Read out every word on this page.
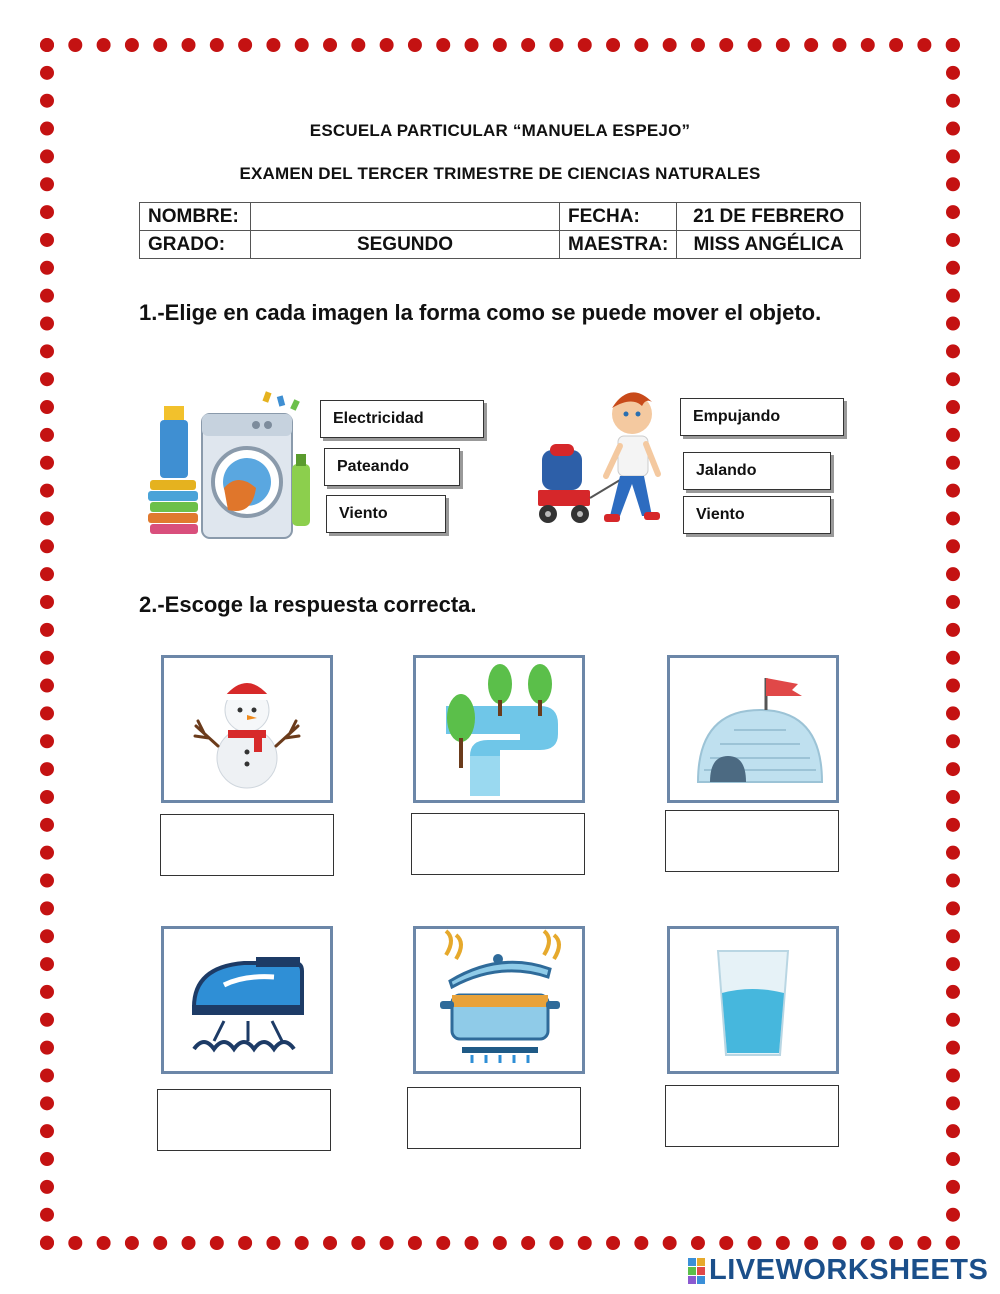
ESCUELA PARTICULAR “MANUELA ESPEJO”
EXAMEN DEL TERCER TRIMESTRE DE CIENCIAS NATURALES
NOMBRE:		FECHA:	21 DE FEBRERO
GRADO:	SEGUNDO	MAESTRA:	MISS ANGÉLICA
1.-Elige en cada imagen la forma como se puede mover el objeto.
Electricidad
Pateando
Viento
Empujando
Jalando
Viento
2.-Escoge la respuesta correcta.
LIVEWORKSHEETS
